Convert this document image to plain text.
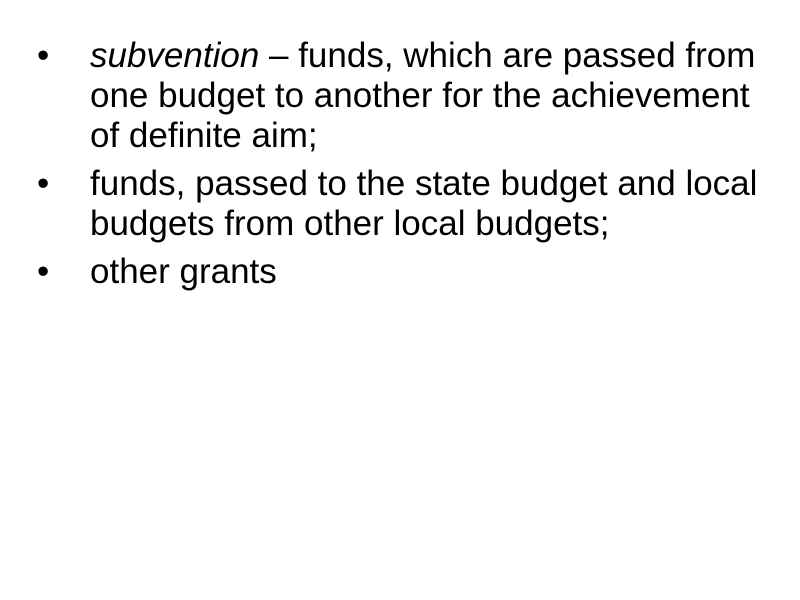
• subvention – funds, which are passed from one budget to another for the achievement of definite aim;
• funds, passed to the state budget and local budgets from other local budgets;
• other grants
